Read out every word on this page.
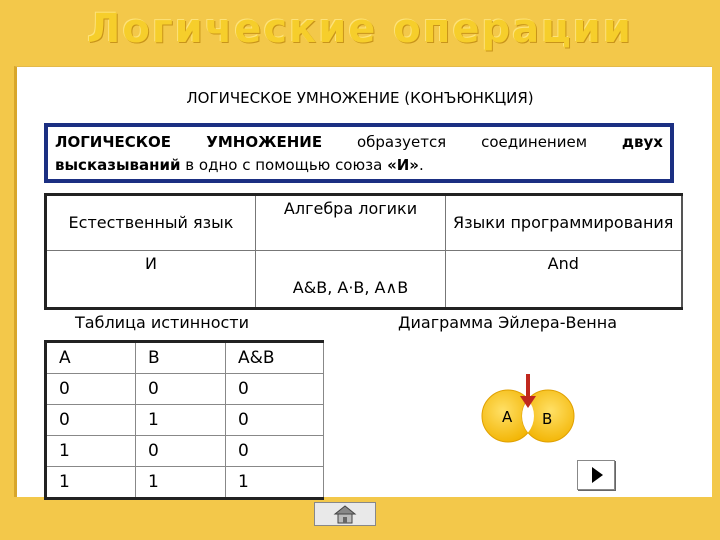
Логические операции
ЛОГИЧЕСКОЕ УМНОЖЕНИЕ (КОНЪЮНКЦИЯ)
ЛОГИЧЕСКОЕ УМНОЖЕНИЕ образуется соединением двух высказываний в одно с помощью союза «И».
Естественный язык	Алгебра логики	Языки программирования
И	A&B, A·B, A∧B	And
Таблица истинности	Диаграмма Эйлера-Венна
A	B	A&B
0	0	0
0	1	0
1	0	0
1	1	1
A B
